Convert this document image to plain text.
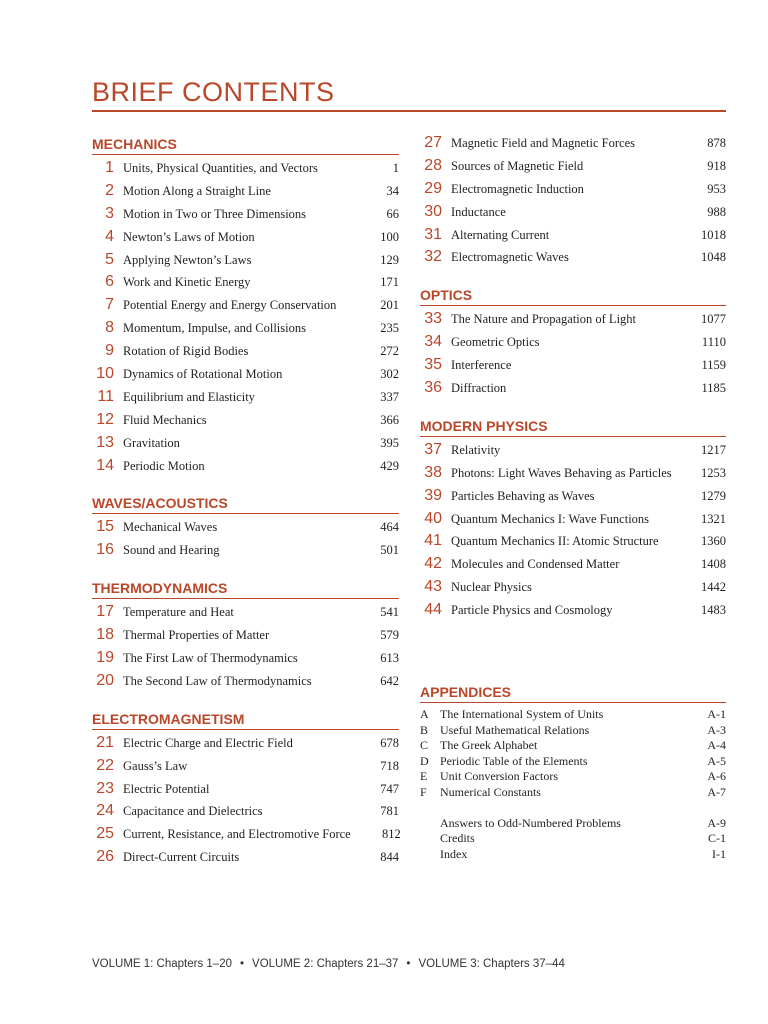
BRIEF CONTENTS
MECHANICS
1 Units, Physical Quantities, and Vectors	1
2 Motion Along a Straight Line	34
3 Motion in Two or Three Dimensions	66
4 Newton’s Laws of Motion	100
5 Applying Newton’s Laws	129
6 Work and Kinetic Energy	171
7 Potential Energy and Energy Conservation	201
8 Momentum, Impulse, and Collisions	235
9 Rotation of Rigid Bodies	272
10 Dynamics of Rotational Motion	302
11 Equilibrium and Elasticity	337
12 Fluid Mechanics	366
13 Gravitation	395
14 Periodic Motion	429
WAVES/ACOUSTICS
15 Mechanical Waves	464
16 Sound and Hearing	501
THERMODYNAMICS
17 Temperature and Heat	541
18 Thermal Properties of Matter	579
19 The First Law of Thermodynamics	613
20 The Second Law of Thermodynamics	642
ELECTROMAGNETISM
21 Electric Charge and Electric Field	678
22 Gauss’s Law	718
23 Electric Potential	747
24 Capacitance and Dielectrics	781
25 Current, Resistance, and Electromotive Force	812
26 Direct-Current Circuits	844
27 Magnetic Field and Magnetic Forces	878
28 Sources of Magnetic Field	918
29 Electromagnetic Induction	953
30 Inductance	988
31 Alternating Current	1018
32 Electromagnetic Waves	1048
OPTICS
33 The Nature and Propagation of Light	1077
34 Geometric Optics	1110
35 Interference	1159
36 Diffraction	1185
MODERN PHYSICS
37 Relativity	1217
38 Photons: Light Waves Behaving as Particles	1253
39 Particles Behaving as Waves	1279
40 Quantum Mechanics I: Wave Functions	1321
41 Quantum Mechanics II: Atomic Structure	1360
42 Molecules and Condensed Matter	1408
43 Nuclear Physics	1442
44 Particle Physics and Cosmology	1483
APPENDICES
A The International System of Units	A-1
B Useful Mathematical Relations	A-3
C The Greek Alphabet	A-4
D Periodic Table of the Elements	A-5
E	Unit Conversion Factors	A-6
F	Numerical Constants	A-7
Answers to Odd-Numbered Problems	A-9
Credits	C-1
Index	I-1
VOLUME 1: Chapters 1–20 • VOLUME 2: Chapters 21–37 • VOLUME 3: Chapters 37–44
